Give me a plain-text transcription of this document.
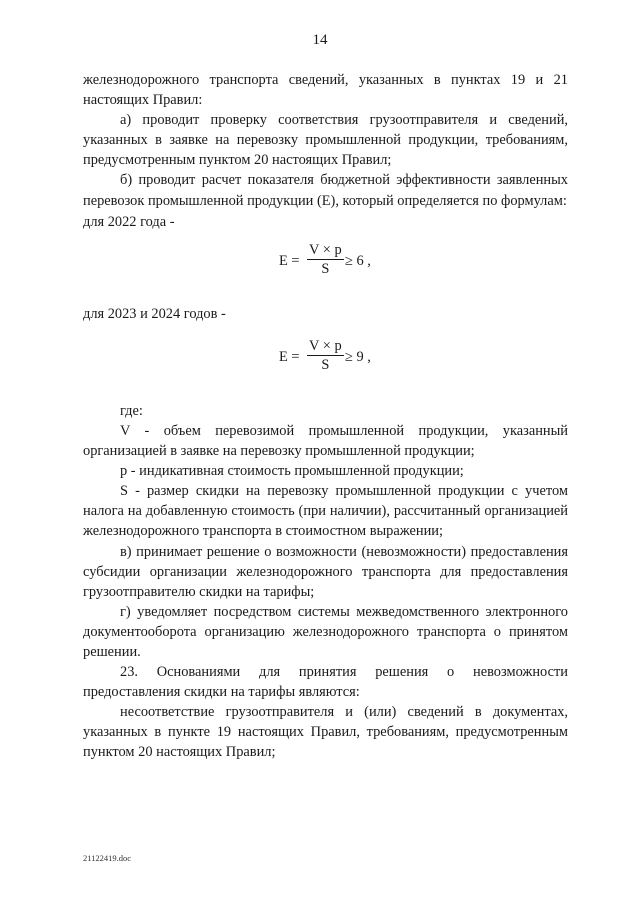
14

железнодорожного транспорта сведений, указанных в пунктах 19 и 21 настоящих Правил:

а) проводит проверку соответствия грузоотправителя и сведений, указанных в заявке на перевозку промышленной продукции, требованиям, предусмотренным пунктом 20 настоящих Правил;

б) проводит расчет показателя бюджетной эффективности заявленных перевозок промышленной продукции (Е), который определяется по формулам:

для 2022 года -

$E = \frac{V \times p}{S} \ge 6$ ,

для 2023 и 2024 годов -

$E = \frac{V \times p}{S} \ge 9$ ,

где:

V - объем перевозимой промышленной продукции, указанный организацией в заявке на перевозку промышленной продукции;

р - индикативная стоимость промышленной продукции;

S - размер скидки на перевозку промышленной продукции с учетом налога на добавленную стоимость (при наличии), рассчитанный организацией железнодорожного транспорта в стоимостном выражении;

в) принимает решение о возможности (невозможности) предоставления субсидии организации железнодорожного транспорта для предоставления грузоотправителю скидки на тарифы;

г) уведомляет посредством системы межведомственного электронного документооборота организацию железнодорожного транспорта о принятом решении.

23. Основаниями для принятия решения о невозможности предоставления скидки на тарифы являются:

несоответствие грузоотправителя и (или) сведений в документах, указанных в пункте 19 настоящих Правил, требованиям, предусмотренным пунктом 20 настоящих Правил;

21122419.doc
